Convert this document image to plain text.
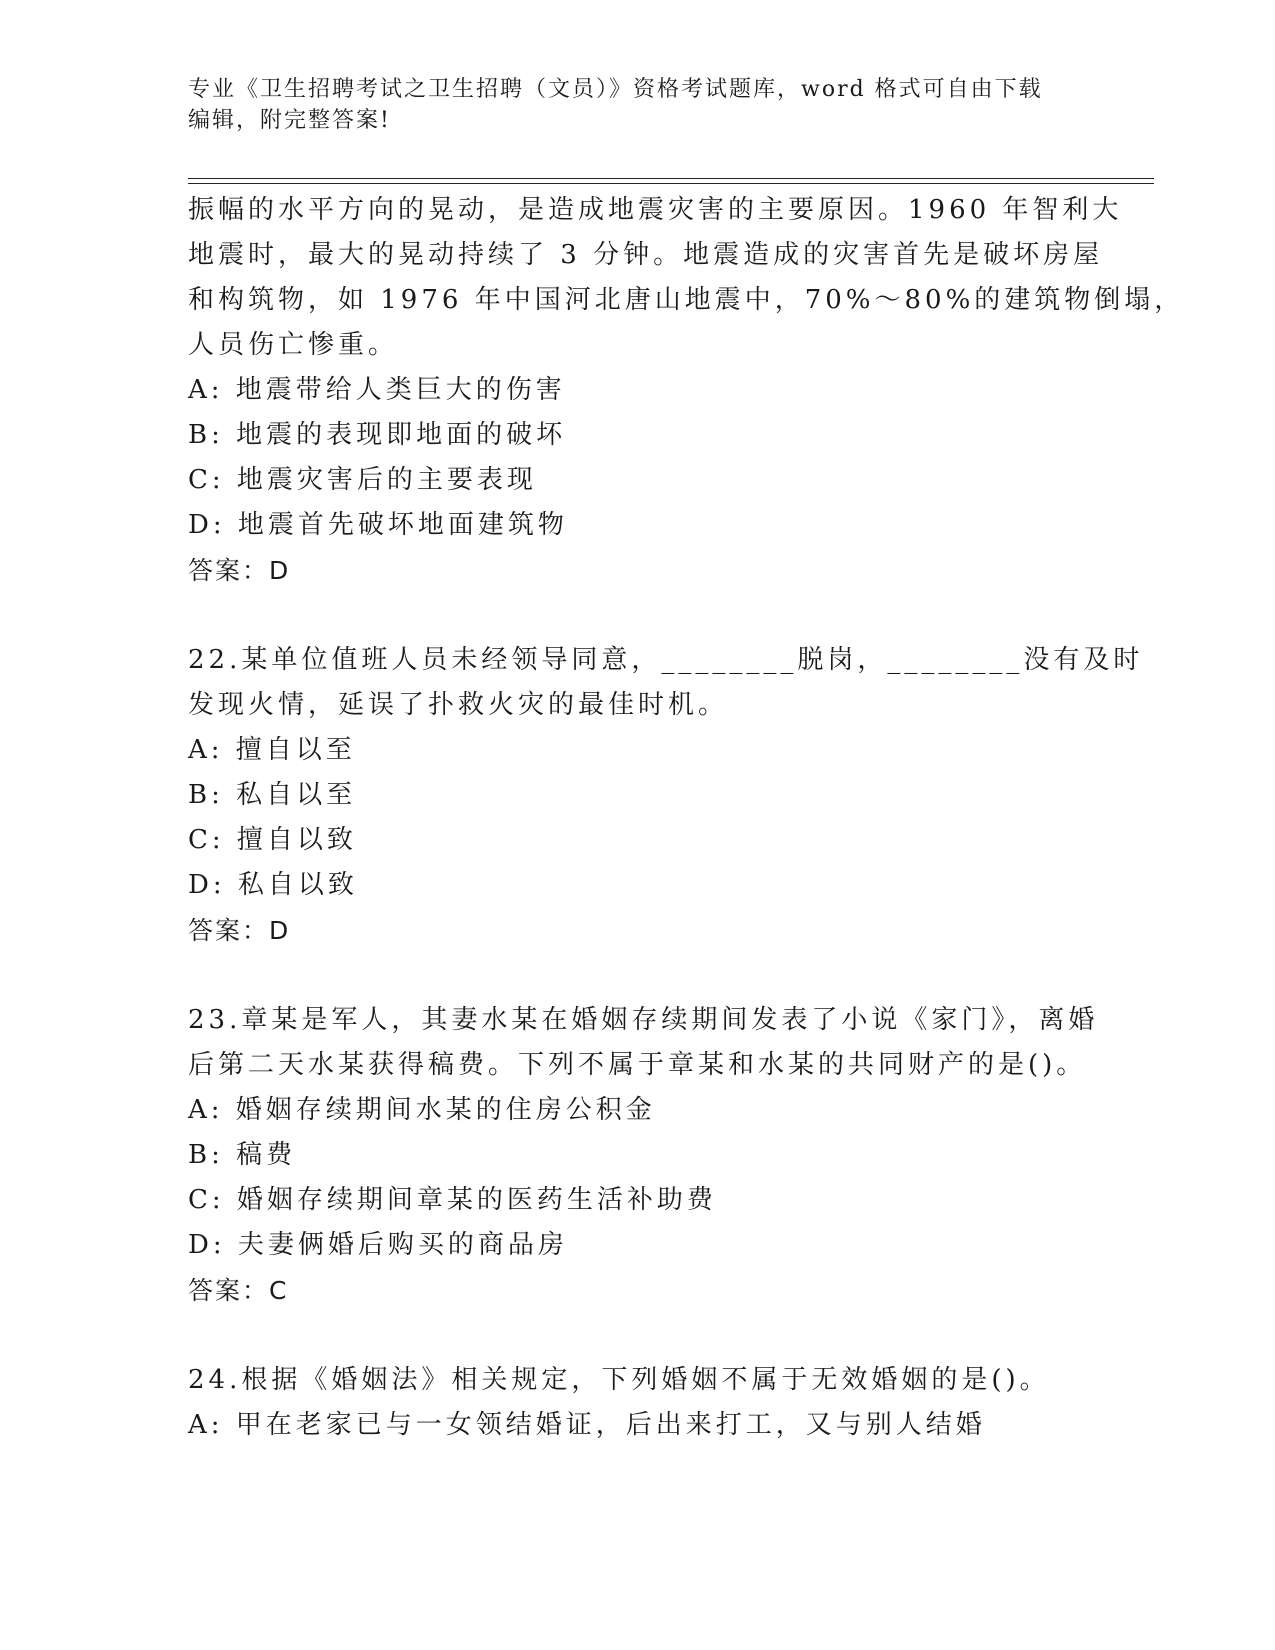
专业《卫生招聘考试之卫生招聘（文员）》资格考试题库，word 格式可自由下载
编辑，附完整答案!
振幅的水平方向的晃动，是造成地震灾害的主要原因。1960 年智利大
地震时，最大的晃动持续了 3 分钟。地震造成的灾害首先是破坏房屋
和构筑物，如 1976 年中国河北唐山地震中，70%～80%的建筑物倒塌，
人员伤亡惨重。
A: 地震带给人类巨大的伤害
B: 地震的表现即地面的破坏
C: 地震灾害后的主要表现
D: 地震首先破坏地面建筑物
答案：D
22.某单位值班人员未经领导同意，________脱岗，________没有及时
发现火情，延误了扑救火灾的最佳时机。
A: 擅自以至
B: 私自以至
C: 擅自以致
D: 私自以致
答案：D
23.章某是军人，其妻水某在婚姻存续期间发表了小说《家门》，离婚
后第二天水某获得稿费。下列不属于章某和水某的共同财产的是()。
A: 婚姻存续期间水某的住房公积金
B: 稿费
C: 婚姻存续期间章某的医药生活补助费
D: 夫妻俩婚后购买的商品房
答案：C
24.根据《婚姻法》相关规定，下列婚姻不属于无效婚姻的是()。
A: 甲在老家已与一女领结婚证，后出来打工，又与别人结婚
